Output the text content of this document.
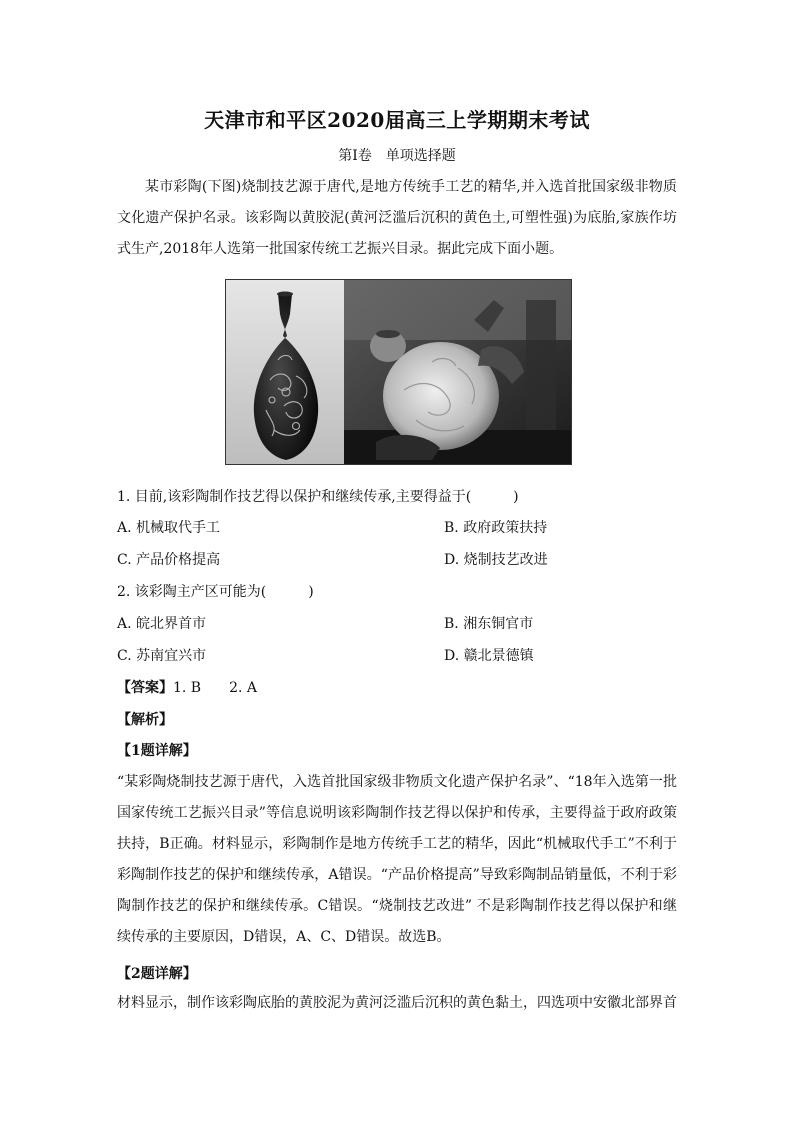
天津市和平区2020届高三上学期期末考试
第Ⅰ卷　单项选择题
某市彩陶(下图)烧制技艺源于唐代,是地方传统手工艺的精华,并入选首批国家级非物质文化遗产保护名录。该彩陶以黄胶泥(黄河泛滥后沉积的黄色土,可塑性强)为底胎,家族作坊式生产,2018年人选第一批国家传统工艺振兴目录。据此完成下面小题。
1. 目前,该彩陶制作技艺得以保护和继续传承,主要得益于(　　　)
A. 机械取代手工	B. 政府政策扶持
C. 产品价格提高	D. 烧制技艺改进
2. 该彩陶主产区可能为(　　　)
A. 皖北界首市	B. 湘东铜官市
C. 苏南宜兴市	D. 赣北景德镇
【答案】1. B　　2. A
【解析】
【1题详解】
“某彩陶烧制技艺源于唐代，入选首批国家级非物质文化遗产保护名录”、“18年入选第一批国家传统工艺振兴目录”等信息说明该彩陶制作技艺得以保护和传承，主要得益于政府政策扶持，B正确。材料显示，彩陶制作是地方传统手工艺的精华，因此“机械取代手工”不利于彩陶制作技艺的保护和继续传承，A错误。“产品价格提高”导致彩陶制品销量低，不利于彩陶制作技艺的保护和继续传承。C错误。“烧制技艺改进” 不是彩陶制作技艺得以保护和继续传承的主要原因，D错误，A、C、D错误。故选B。
【2题详解】
材料显示，制作该彩陶底胎的黄胶泥为黄河泛滥后沉积的黄色黏土，四选项中安徽北部界首
